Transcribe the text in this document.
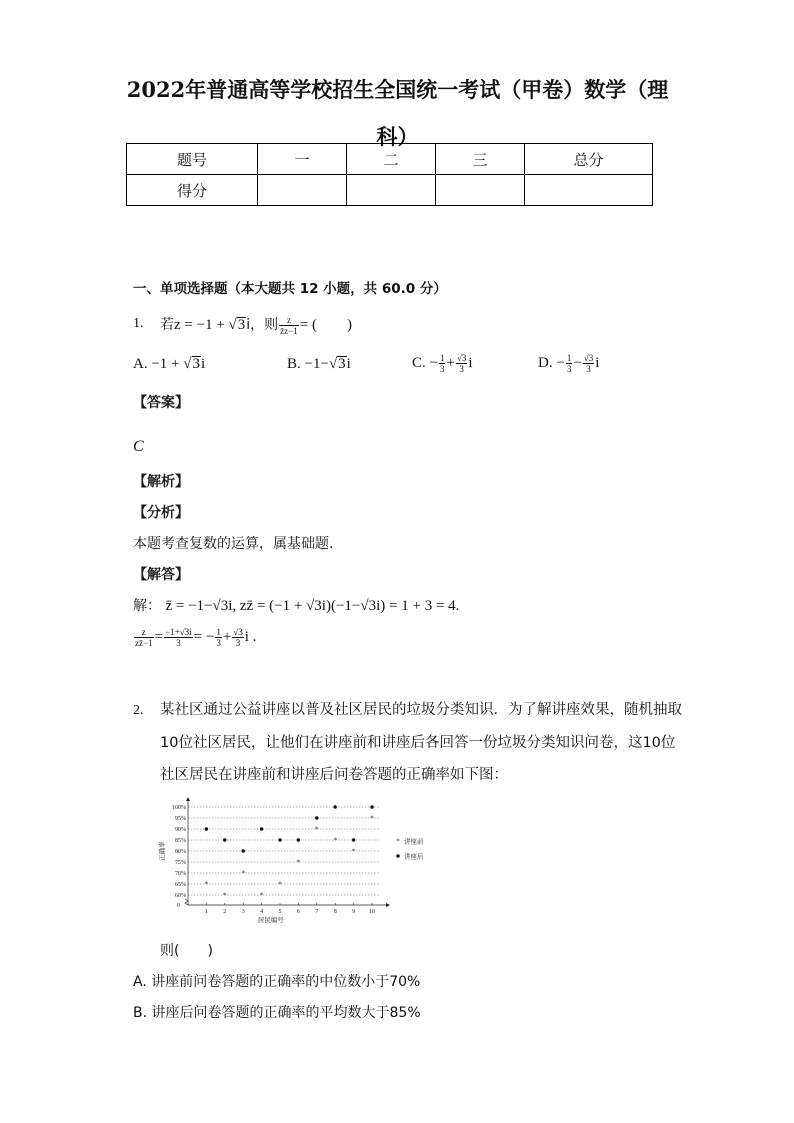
2022年普通高等学校招生全国统一考试（甲卷）数学（理
科）
题号	一	二	三	总分
得分				
一、单项选择题（本大题共 12 小题，共 60.0 分）
1. 若z = −1 + √3i，则 $\frac{z}{z̄z-1}$ = (　　)
A. −1 + √3i	B. −1−√3i	C. − $\frac{1}{3} + \frac{√3}{3}$ i	D. − $\frac{1}{3} - \frac{√3}{3}$ i
【答案】
C
【解析】
【分析】
本题考查复数的运算，属基础题．
【解答】
解： z̄ = −1−√3i, zz̄ = (−1 + √3i)(−1−√3i) = 1 + 3 = 4.
$\frac{z}{zz̄-1} = \frac{-1+√3i}{3}$ = − $\frac{1}{3} + \frac{√3}{3}$ i .
2. 某社区通过公益讲座以普及社区居民的垃圾分类知识．为了解讲座效果，随机抽取
10位社区居民，让他们在讲座前和讲座后各回答一份垃圾分类知识问卷，这10位
社区居民在讲座前和讲座后问卷答题的正确率如下图：
60%
65%
70%
75%
80%
85%
90%
95%
100%
0
1	2	3	4	5	6	7	8	9 10
居民编号
正确率
*
*
*
*
*
*
*
*
*
*
* 讲座前
讲座后
则(　　)
A. 讲座前问卷答题的正确率的中位数小于70%
B. 讲座后问卷答题的正确率的平均数大于85%
